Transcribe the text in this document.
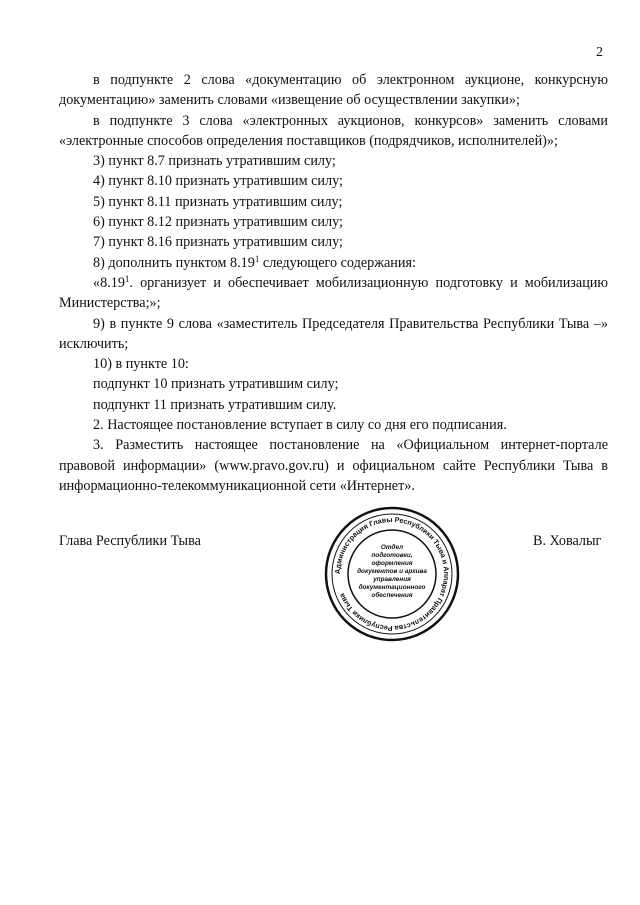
2

в подпункте 2 слова «документацию об электронном аукционе, конкурсную документацию» заменить словами «извещение об осуществлении закупки»;

в подпункте 3 слова «электронных аукционов, конкурсов» заменить словами «электронные способов определения поставщиков (подрядчиков, исполнителей)»;

3) пункт 8.7 признать утратившим силу;

4) пункт 8.10 признать утратившим силу;

5) пункт 8.11 признать утратившим силу;

6) пункт 8.12 признать утратившим силу;

7) пункт 8.16 признать утратившим силу;

8) дополнить пунктом 8.19$^1$ следующего содержания:

«8.19$^1$. организует и обеспечивает мобилизационную подготовку и мобилизацию Министерства;»;

9) в пункте 9 слова «заместитель Председателя Правительства Республики Тыва –» исключить;

10) в пункте 10:

подпункт 10 признать утратившим силу;

подпункт 11 признать утратившим силу.

2. Настоящее постановление вступает в силу со дня его подписания.

3. Разместить настоящее постановление на «Официальном интернет-портале правовой информации» (www.pravo.gov.ru) и официальном сайте Республики Тыва в информационно-телекоммуникационной сети «Интернет».

Глава Республики Тыва	В. Ховалыг
Администрация Главы Республики Тыва и Аппарат Правительства Республики Тыва
Отдел
подготовки,
оформления
документов и архива
управления
документационного
обеспечения
